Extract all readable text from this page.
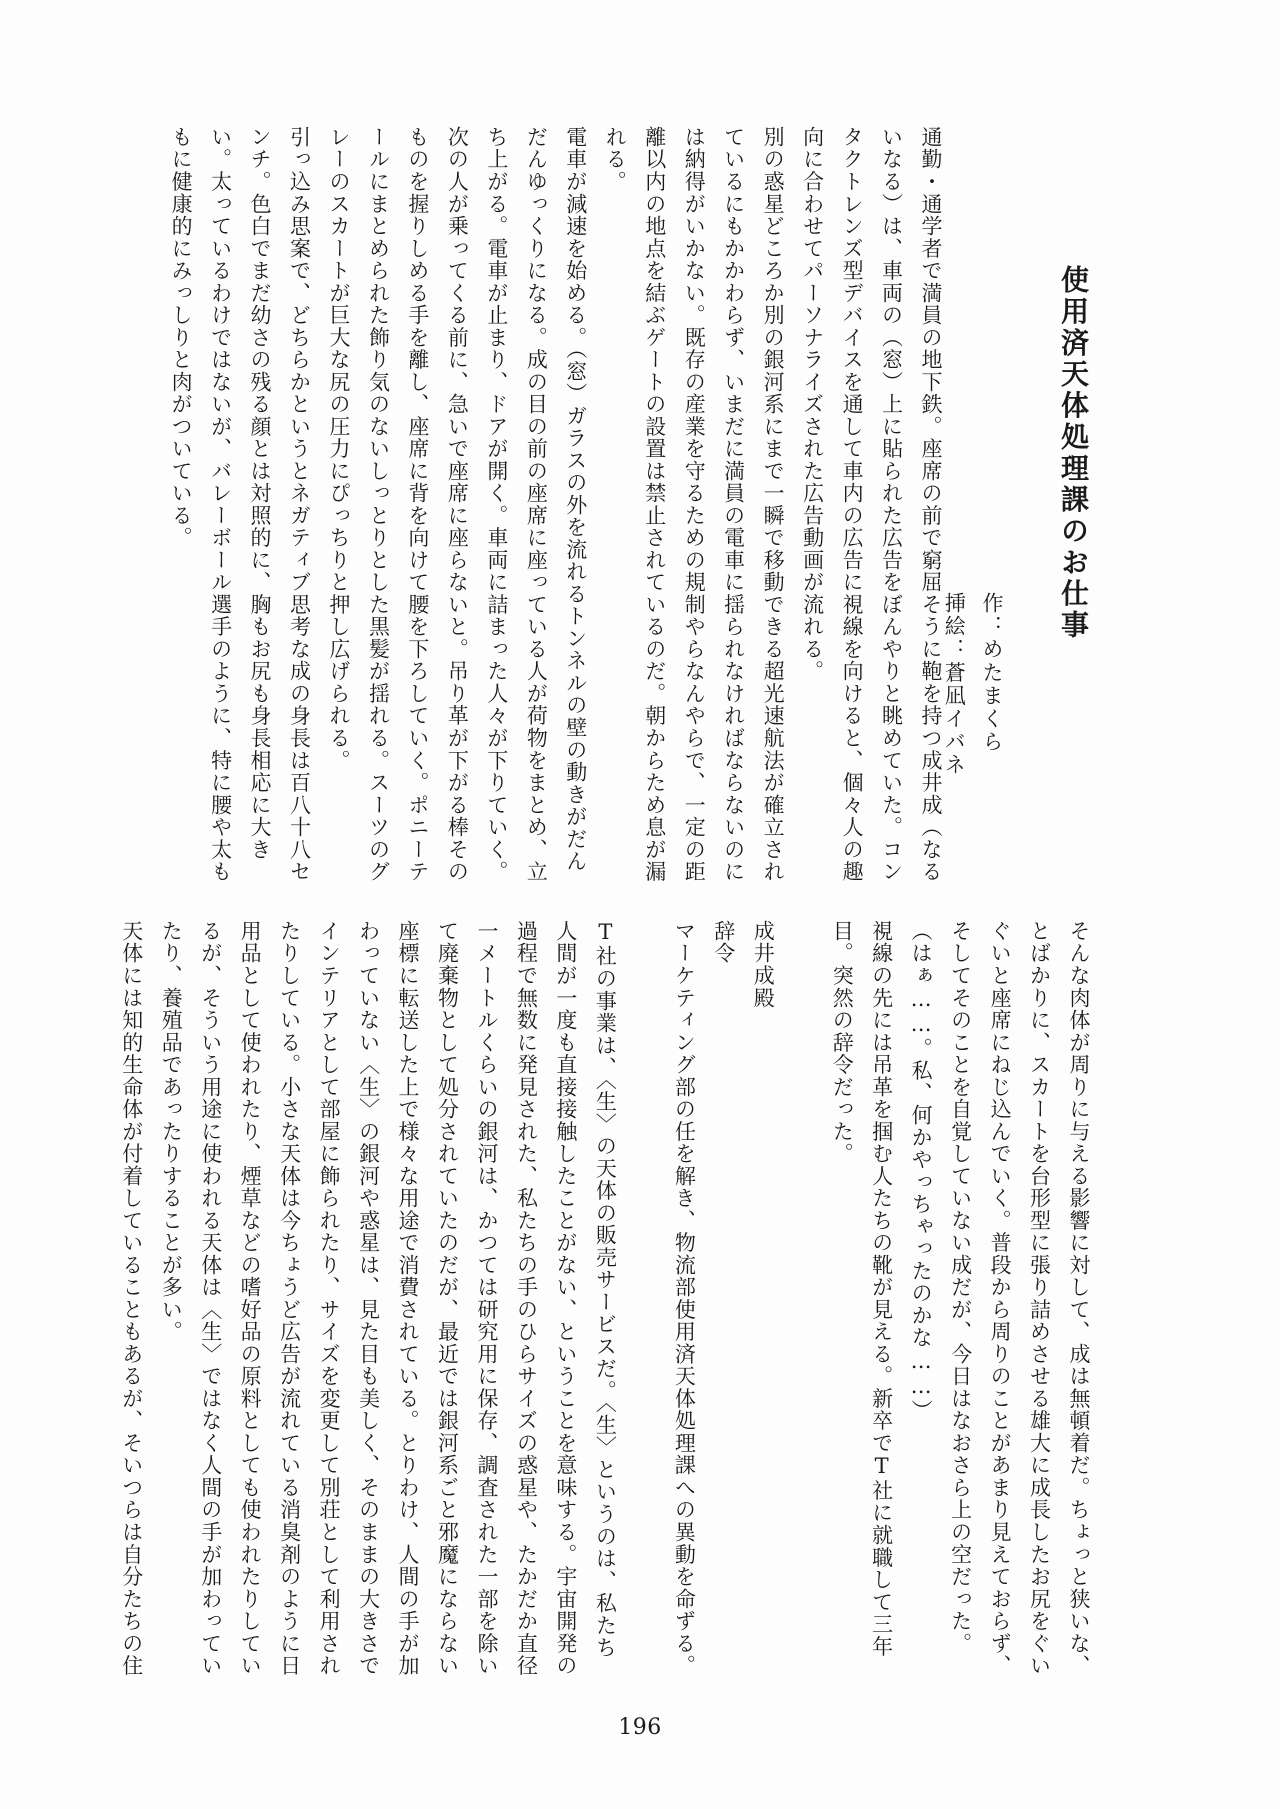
使用済天体処理課のお仕事
作：めたまくら
挿絵：蒼凪イバネ
通勤・通学者で満員の地下鉄。座席の前で窮屈そうに鞄を持つ成井成（なるいなる）は、車両の（窓）上に貼られた広告をぼんやりと眺めていた。コンタクトレンズ型デバイスを通して車内の広告に視線を向けると、個々人の趣向に合わせてパーソナライズされた広告動画が流れる。
別の惑星どころか別の銀河系にまで一瞬で移動できる超光速航法が確立されているにもかかわらず、いまだに満員の電車に揺られなければならないのには納得がいかない。既存の産業を守るための規制やらなんやらで、一定の距離以内の地点を結ぶゲートの設置は禁止されているのだ。朝からため息が漏れる。
電車が減速を始める。（窓）ガラスの外を流れるトンネルの壁の動きがだんだんゆっくりになる。成の目の前の座席に座っている人が荷物をまとめ、立ち上がる。電車が止まり、ドアが開く。車両に詰まった人々が下りていく。次の人が乗ってくる前に、急いで座席に座らないと。吊り革が下がる棒そのものを握りしめる手を離し、座席に背を向けて腰を下ろしていく。ポニーテールにまとめられた飾り気のないしっとりとした黒髪が揺れる。スーツのグレーのスカートが巨大な尻の圧力にぴっちりと押し広げられる。
引っ込み思案で、どちらかというとネガティブ思考な成の身長は百八十八センチ。色白でまだ幼さの残る顔とは対照的に、胸もお尻も身長相応に大きい。太っているわけではないが、バレーボール選手のように、特に腰や太ももに健康的にみっしりと肉がついている。
そんな肉体が周りに与える影響に対して、成は無頓着だ。ちょっと狭いな、とばかりに、スカートを台形型に張り詰めさせる雄大に成長したお尻をぐいぐいと座席にねじ込んでいく。普段から周りのことがあまり見えておらず、そしてそのことを自覚していない成だが、今日はなおさら上の空だった。
（はぁ……。私、何かやっちゃったのかな……）
視線の先には吊革を掴む人たちの靴が見える。新卒でT社に就職して三年目。突然の辞令だった。

成井成殿
辞令
マーケティング部の任を解き、物流部使用済天体処理課への異動を命ずる。

T社の事業は、〈生〉の天体の販売サービスだ。〈生〉というのは、私たち人間が一度も直接接触したことがない、ということを意味する。宇宙開発の過程で無数に発見された、私たちの手のひらサイズの惑星や、たかだか直径一メートルくらいの銀河は、かつては研究用に保存、調査された一部を除いて廃棄物として処分されていたのだが、最近では銀河系ごと邪魔にならない座標に転送した上で様々な用途で消費されている。とりわけ、人間の手が加わっていない〈生〉の銀河や惑星は、見た目も美しく、そのままの大きさでインテリアとして部屋に飾られたり、サイズを変更して別荘として利用されたりしている。小さな天体は今ちょうど広告が流れている消臭剤のように日用品として使われたり、煙草などの嗜好品の原料としても使われたりしているが、そういう用途に使われる天体は〈生〉ではなく人間の手が加わっていたり、養殖品であったりすることが多い。
天体には知的生命体が付着していることもあるが、そいつらは自分たちの住
196
